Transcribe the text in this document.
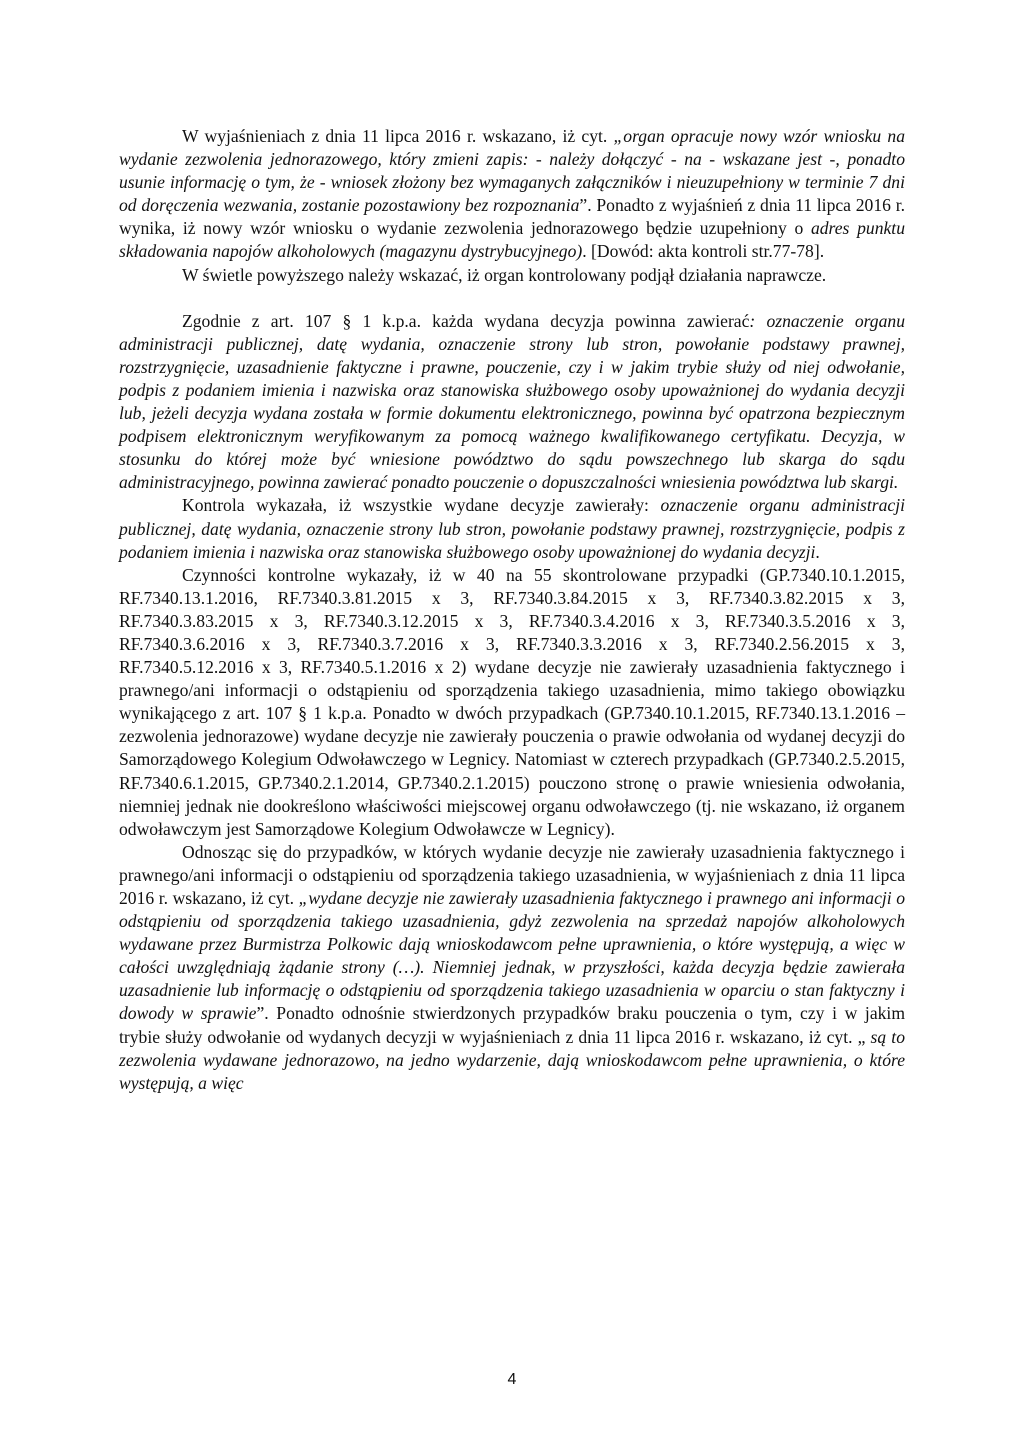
W wyjaśnieniach z dnia 11 lipca 2016 r. wskazano, iż cyt. „organ opracuje nowy wzór wniosku na wydanie zezwolenia jednorazowego, który zmieni zapis: - należy dołączyć - na - wskazane jest -, ponadto usunie informację o tym, że - wniosek złożony bez wymaganych załączników i nieuzupełniony w terminie 7 dni od doręczenia wezwania, zostanie pozostawiony bez rozpoznania”. Ponadto z wyjaśnień z dnia 11 lipca 2016 r. wynika, iż nowy wzór wniosku o wydanie zezwolenia jednorazowego będzie uzupełniony o adres punktu składowania napojów alkoholowych (magazynu dystrybucyjnego). [Dowód: akta kontroli str.77-78].

W świetle powyższego należy wskazać, iż organ kontrolowany podjął działania naprawcze.

Zgodnie z art. 107 § 1 k.p.a. każda wydana decyzja powinna zawierać: oznaczenie organu administracji publicznej, datę wydania, oznaczenie strony lub stron, powołanie podstawy prawnej, rozstrzygnięcie, uzasadnienie faktyczne i prawne, pouczenie, czy i w jakim trybie służy od niej odwołanie, podpis z podaniem imienia i nazwiska oraz stanowiska służbowego osoby upoważnionej do wydania decyzji lub, jeżeli decyzja wydana została w formie dokumentu elektronicznego, powinna być opatrzona bezpiecznym podpisem elektronicznym weryfikowanym za pomocą ważnego kwalifikowanego certyfikatu. Decyzja, w stosunku do której może być wniesione powództwo do sądu powszechnego lub skarga do sądu administracyjnego, powinna zawierać ponadto pouczenie o dopuszczalności wniesienia powództwa lub skargi.

Kontrola wykazała, iż wszystkie wydane decyzje zawierały: oznaczenie organu administracji publicznej, datę wydania, oznaczenie strony lub stron, powołanie podstawy prawnej, rozstrzygnięcie, podpis z podaniem imienia i nazwiska oraz stanowiska służbowego osoby upoważnionej do wydania decyzji.

Czynności kontrolne wykazały, iż w 40 na 55 skontrolowane przypadki (GP.7340.10.1.2015, RF.7340.13.1.2016, RF.7340.3.81.2015 x 3, RF.7340.3.84.2015 x 3, RF.7340.3.82.2015 x 3, RF.7340.3.83.2015 x 3, RF.7340.3.12.2015 x 3, RF.7340.3.4.2016 x 3, RF.7340.3.5.2016 x 3, RF.7340.3.6.2016 x 3, RF.7340.3.7.2016 x 3, RF.7340.3.3.2016 x 3, RF.7340.2.56.2015 x 3, RF.7340.5.12.2016 x 3, RF.7340.5.1.2016 x 2) wydane decyzje nie zawierały uzasadnienia faktycznego i prawnego/ani informacji o odstąpieniu od sporządzenia takiego uzasadnienia, mimo takiego obowiązku wynikającego z art. 107 § 1 k.p.a. Ponadto w dwóch przypadkach (GP.7340.10.1.2015, RF.7340.13.1.2016 – zezwolenia jednorazowe) wydane decyzje nie zawierały pouczenia o prawie odwołania od wydanej decyzji do Samorządowego Kolegium Odwoławczego w Legnicy. Natomiast w czterech przypadkach (GP.7340.2.5.2015, RF.7340.6.1.2015, GP.7340.2.1.2014, GP.7340.2.1.2015) pouczono stronę o prawie wniesienia odwołania, niemniej jednak nie dookreślono właściwości miejscowej organu odwoławczego (tj. nie wskazano, iż organem odwoławczym jest Samorządowe Kolegium Odwoławcze w Legnicy).

Odnosząc się do przypadków, w których wydanie decyzje nie zawierały uzasadnienia faktycznego i prawnego/ani informacji o odstąpieniu od sporządzenia takiego uzasadnienia, w wyjaśnieniach z dnia 11 lipca 2016 r. wskazano, iż cyt. „wydane decyzje nie zawierały uzasadnienia faktycznego i prawnego ani informacji o odstąpieniu od sporządzenia takiego uzasadnienia, gdyż zezwolenia na sprzedaż napojów alkoholowych wydawane przez Burmistrza Polkowic dają wnioskodawcom pełne uprawnienia, o które występują, a więc w całości uwzględniają żądanie strony (…). Niemniej jednak, w przyszłości, każda decyzja będzie zawierała uzasadnienie lub informację o odstąpieniu od sporządzenia takiego uzasadnienia w oparciu o stan faktyczny i dowody w sprawie”. Ponadto odnośnie stwierdzonych przypadków braku pouczenia o tym, czy i w jakim trybie służy odwołanie od wydanych decyzji w wyjaśnieniach z dnia 11 lipca 2016 r. wskazano, iż cyt. „ są to zezwolenia wydawane jednorazowo, na jedno wydarzenie, dają wnioskodawcom pełne uprawnienia, o które występują, a więc

4
